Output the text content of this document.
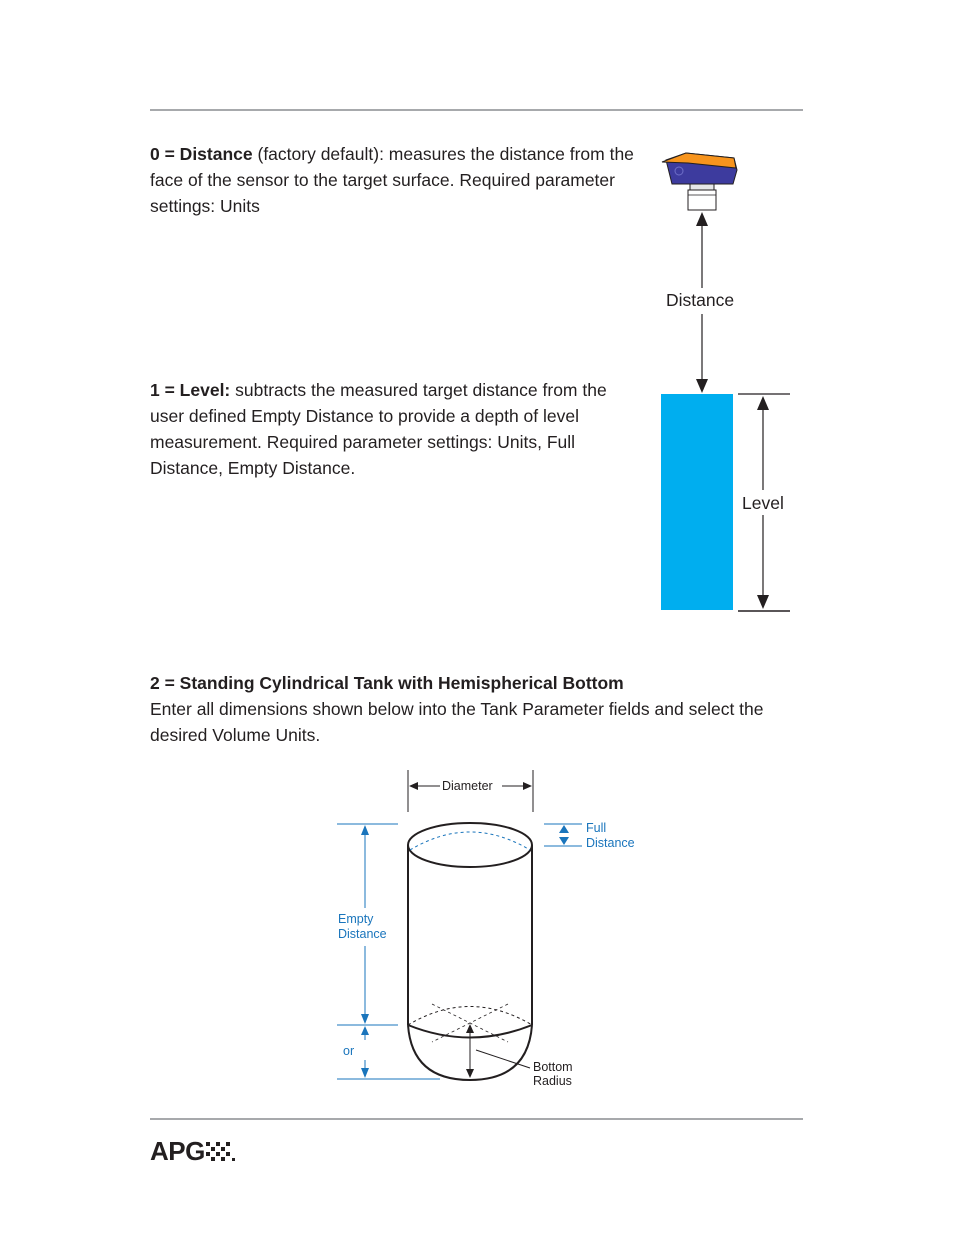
0 = Distance (factory default): measures the distance from the face of the sensor to the target surface. Required parameter settings: Units

1 = Level: subtracts the measured target distance from the user defined Empty Distance to provide a depth of level measurement. Required parameter settings: Units, Full Distance, Empty Distance.

Distance
Level

2 = Standing Cylindrical Tank with Hemispherical Bottom
Enter all dimensions shown below into the Tank Parameter fields and select the desired Volume Units.

Diameter
Full
Distance
Empty
Distance
or
Bottom
Radius
APG
